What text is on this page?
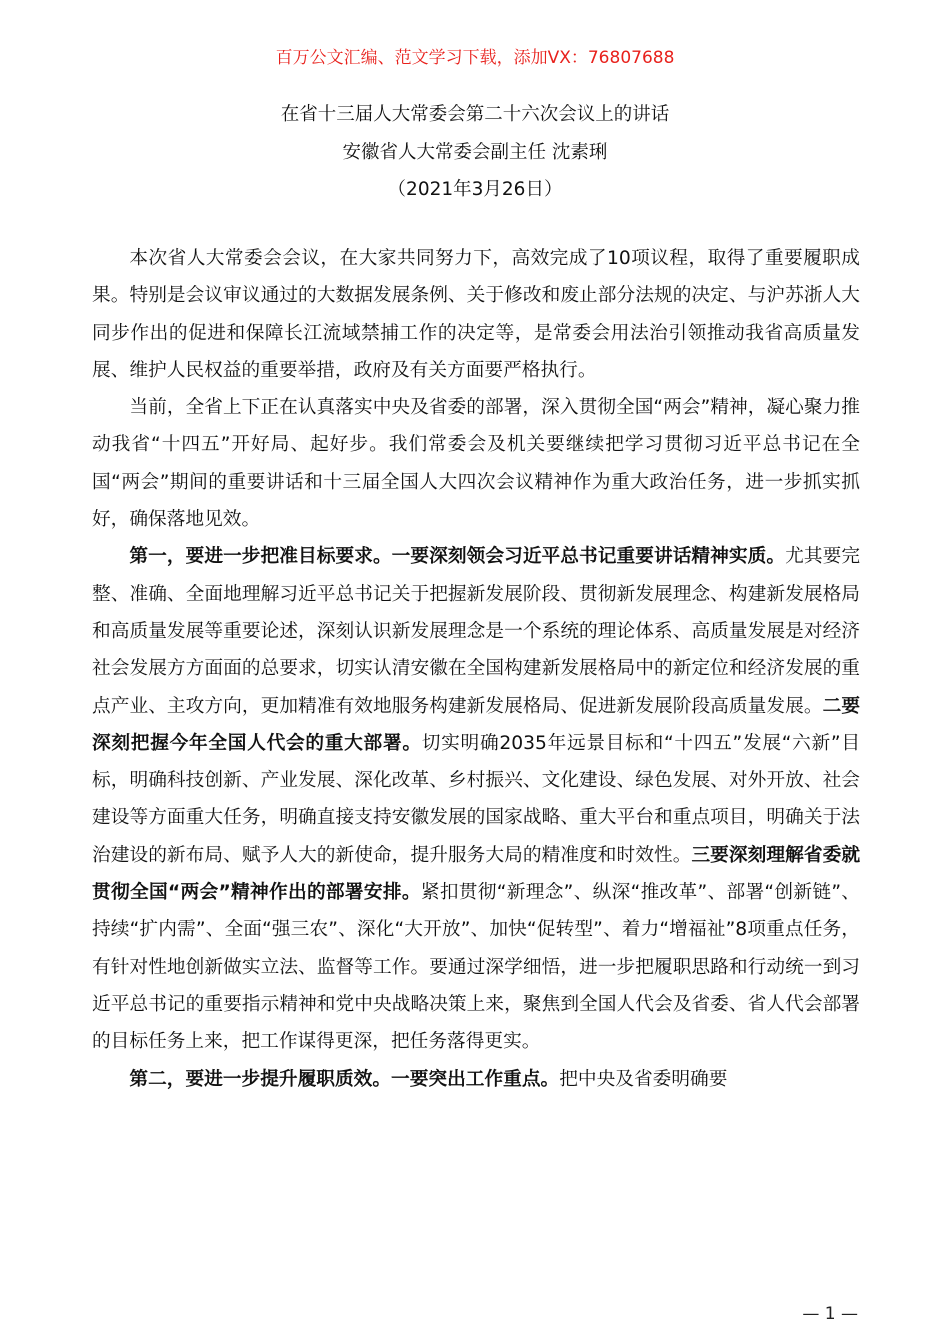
百万公文汇编、范文学习下载，添加VX：76807688
在省十三届人大常委会第二十六次会议上的讲话
安徽省人大常委会副主任 沈素琍
（2021年3月26日）

本次省人大常委会会议，在大家共同努力下，高效完成了10项议程，取得了重要履职成果。特别是会议审议通过的大数据发展条例、关于修改和废止部分法规的决定、与沪苏浙人大同步作出的促进和保障长江流域禁捕工作的决定等，是常委会用法治引领推动我省高质量发展、维护人民权益的重要举措，政府及有关方面要严格执行。

当前，全省上下正在认真落实中央及省委的部署，深入贯彻全国“两会”精神，凝心聚力推动我省“十四五”开好局、起好步。我们常委会及机关要继续把学习贯彻习近平总书记在全国“两会”期间的重要讲话和十三届全国人大四次会议精神作为重大政治任务，进一步抓实抓好，确保落地见效。

第一，要进一步把准目标要求。一要深刻领会习近平总书记重要讲话精神实质。尤其要完整、准确、全面地理解习近平总书记关于把握新发展阶段、贯彻新发展理念、构建新发展格局和高质量发展等重要论述，深刻认识新发展理念是一个系统的理论体系、高质量发展是对经济社会发展方方面面的总要求，切实认清安徽在全国构建新发展格局中的新定位和经济发展的重点产业、主攻方向，更加精准有效地服务构建新发展格局、促进新发展阶段高质量发展。二要深刻把握今年全国人代会的重大部署。切实明确2035年远景目标和“十四五”发展“六新”目标，明确科技创新、产业发展、深化改革、乡村振兴、文化建设、绿色发展、对外开放、社会建设等方面重大任务，明确直接支持安徽发展的国家战略、重大平台和重点项目，明确关于法治建设的新布局、赋予人大的新使命，提升服务大局的精准度和时效性。三要深刻理解省委就贯彻全国“两会”精神作出的部署安排。紧扣贯彻“新理念”、纵深“推改革”、部署“创新链”、持续“扩内需”、全面“强三农”、深化“大开放”、加快“促转型”、着力“增福祉”8项重点任务，有针对性地创新做实立法、监督等工作。要通过深学细悟，进一步把履职思路和行动统一到习近平总书记的重要指示精神和党中央战略决策上来，聚焦到全国人代会及省委、省人代会部署的目标任务上来，把工作谋得更深，把任务落得更实。

第二，要进一步提升履职质效。一要突出工作重点。把中央及省委明确要

— 1 —
